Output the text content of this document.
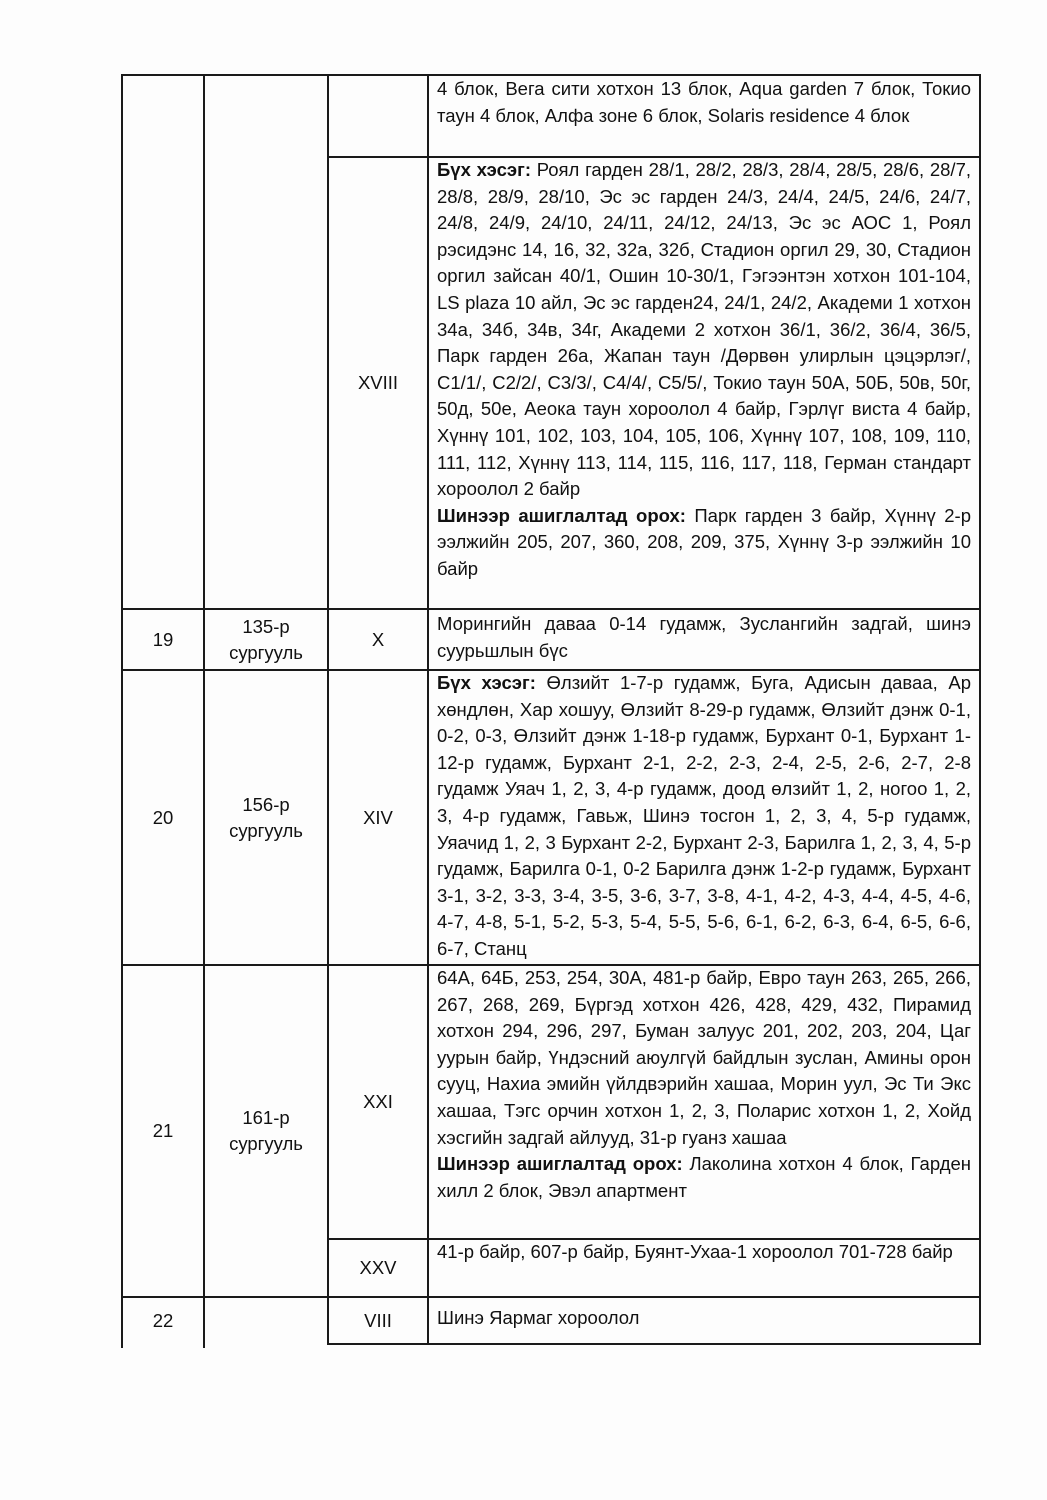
4 блок, Вега сити хотхон 13 блок, Aqua garden 7 блок, Токио таун 4 блок, Алфа зоне 6 блок, Solaris residence 4 блок

XVIII

Бүх хэсэг: Роял гарден 28/1, 28/2, 28/3, 28/4, 28/5, 28/6, 28/7, 28/8, 28/9, 28/10, Эс эс гарден 24/3, 24/4, 24/5, 24/6, 24/7, 24/8, 24/9, 24/10, 24/11, 24/12, 24/13, Эс эс АОС 1, Роял рэсидэнс 14, 16, 32, 32а, 32б, Стадион оргил 29, 30, Стадион оргил зайсан 40/1, Ошин 10-30/1, Гэгээнтэн хотхон 101-104, LS plaza 10 айл, Эс эс гарден24, 24/1, 24/2, Академи 1 хотхон 34а, 34б, 34в, 34г, Академи 2 хотхон 36/1, 36/2, 36/4, 36/5, Парк гарден 26а, Жапан таун /Дөрвөн улирлын цэцэрлэг/, С1/1/, С2/2/, С3/3/, С4/4/, С5/5/, Токио таун 50А, 50Б, 50в, 50г, 50д, 50е, Аеока таун хороолол 4 байр, Гэрлүг виста 4 байр, Хүннү 101, 102, 103, 104, 105, 106, Хүннү 107, 108, 109, 110, 111, 112, Хүннү 113, 114, 115, 116, 117, 118, Герман стандарт хороолол 2 байр

Шинээр ашиглалтад орох: Парк гарден 3 байр, Хүннү 2-р ээлжийн 205, 207, 360, 208, 209, 375, Хүннү 3-р ээлжийн 10 байр

19
135-р сургууль
X

Морингийн даваа 0-14 гудамж, Зуслангийн задгай, шинэ суурьшлын бүс

20
156-р сургууль
XIV

Бүх хэсэг: Өлзийт 1-7-р гудамж, Буга, Адисын даваа, Ар хөндлөн, Хар хошуу, Өлзийт 8-29-р гудамж, Өлзийт дэнж 0-1, 0-2, 0-3, Өлзийт дэнж 1-18-р гудамж, Бурхант 0-1, Бурхант 1-12-р гудамж, Бурхант 2-1, 2-2, 2-3, 2-4, 2-5, 2-6, 2-7, 2-8 гудамж Уяач 1, 2, 3, 4-р гудамж, доод өлзийт 1, 2, ногоо 1, 2, 3, 4-р гудамж, Гавьж, Шинэ тосгон 1, 2, 3, 4, 5-р гудамж, Уяачид 1, 2, 3 Бурхант 2-2, Бурхант 2-3, Барилга 1, 2, 3, 4, 5-р гудамж, Барилга 0-1, 0-2 Барилга дэнж 1-2-р гудамж, Бурхант 3-1, 3-2, 3-3, 3-4, 3-5, 3-6, 3-7, 3-8, 4-1, 4-2, 4-3, 4-4, 4-5, 4-6, 4-7, 4-8, 5-1, 5-2, 5-3, 5-4, 5-5, 5-6, 6-1, 6-2, 6-3, 6-4, 6-5, 6-6, 6-7, Станц

21
161-р сургууль
XXI

64А, 64Б, 253, 254, 30А, 481-р байр, Евро таун 263, 265, 266, 267, 268, 269, Бүргэд хотхон 426, 428, 429, 432, Пирамид хотхон 294, 296, 297, Буман залуус 201, 202, 203, 204, Цаг уурын байр, Үндэсний аюулгүй байдлын зуслан, Амины орон сууц, Нахиа эмийн үйлдвэрийн хашаа, Морин уул, Эс Ти Экс хашаа, Тэгс орчин хотхон 1, 2, 3, Поларис хотхон 1, 2, Хойд хэсгийн задгай айлууд, 31-р гуанз хашаа

Шинээр ашиглалтад орох: Лаколина хотхон 4 блок, Гарден хилл 2 блок, Эвэл апартмент

XXV

41-р байр, 607-р байр, Буянт-Ухаа-1 хороолол 701-728 байр

22	VIII Шинэ Яармаг хороолол
